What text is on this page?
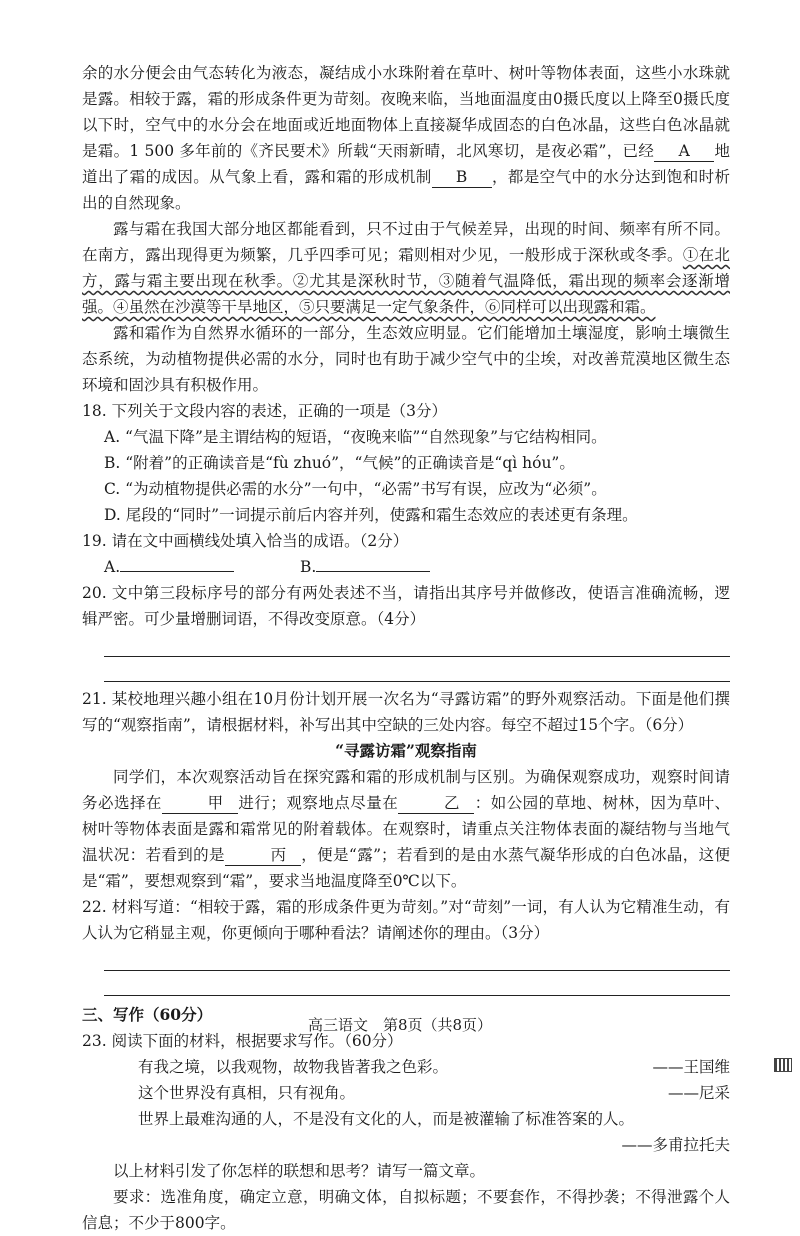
余的水分便会由气态转化为液态，凝结成小水珠附着在草叶、树叶等物体表面，这些小水珠就是露。相较于露，霜的形成条件更为苛刻。夜晚来临，当地面温度由0摄氏度以上降至0摄氏度以下时，空气中的水分会在地面或近地面物体上直接凝华成固态的白色冰晶，这些白色冰晶就是霜。1 500 多年前的《齐民要术》所载“天雨新晴，北风寒切，是夜必霜”，已经 A 地道出了霜的成因。从气象上看，露和霜的形成机制 B ，都是空气中的水分达到饱和时析出的自然现象。

露与霜在我国大部分地区都能看到，只不过由于气候差异，出现的时间、频率有所不同。在南方，露出现得更为频繁，几乎四季可见；霜则相对少见，一般形成于深秋或冬季。①在北方，露与霜主要出现在秋季。②尤其是深秋时节，③随着气温降低，霜出现的频率会逐渐增强。④虽然在沙漠等干旱地区，⑤只要满足一定气象条件，⑥同样可以出现露和霜。

露和霜作为自然界水循环的一部分，生态效应明显。它们能增加土壤湿度，影响土壤微生态系统，为动植物提供必需的水分，同时也有助于减少空气中的尘埃，对改善荒漠地区微生态环境和固沙具有积极作用。

18. 下列关于文段内容的表述，正确的一项是（3分）

A. “气温下降”是主谓结构的短语，“夜晚来临”“自然现象”与它结构相同。

B. “附着”的正确读音是“fù zhuó”，“气候”的正确读音是“qì hóu”。

C. “为动植物提供必需的水分”一句中，“必需”书写有误，应改为“必须”。

D. 尾段的“同时”一词提示前后内容并列，使露和霜生态效应的表述更有条理。

19. 请在文中画横线处填入恰当的成语。（2分）

A.	B.

20. 文中第三段标序号的部分有两处表述不当，请指出其序号并做修改，使语言准确流畅，逻辑严密。可少量增删词语，不得改变原意。（4分）

21. 某校地理兴趣小组在10月份计划开展一次名为“寻露访霜”的野外观察活动。下面是他们撰写的“观察指南”，请根据材料，补写出其中空缺的三处内容。每空不超过15个字。（6分）

“寻露访霜”观察指南

同学们，本次观察活动旨在探究露和霜的形成机制与区别。为确保观察成功，观察时间请务必选择在	甲 进行；观察地点尽量在	乙 ：如公园的草地、树林，因为草叶、树叶等物体表面是露和霜常见的附着载体。在观察时，请重点关注物体表面的凝结物与当地气温状况：若看到的是	丙 ，便是“露”；若看到的是由水蒸气凝华形成的白色冰晶，这便是“霜”，要想观察到“霜”，要求当地温度降至0℃以下。

22. 材料写道：“相较于露，霜的形成条件更为苛刻。”对“苛刻”一词，有人认为它精准生动，有人认为它稍显主观，你更倾向于哪种看法？请阐述你的理由。（3分）

三、写作（60分）

23. 阅读下面的材料，根据要求写作。（60分）

有我之境，以我观物，故物我皆著我之色彩。	——王国维
这个世界没有真相，只有视角。	——尼采

世界上最难沟通的人，不是没有文化的人，而是被灌输了标准答案的人。

——多甫拉托夫

以上材料引发了你怎样的联想和思考？请写一篇文章。

要求：选准角度，确定立意，明确文体，自拟标题；不要套作，不得抄袭；不得泄露个人信息；不少于800字。

高三语文　第8页（共8页）
